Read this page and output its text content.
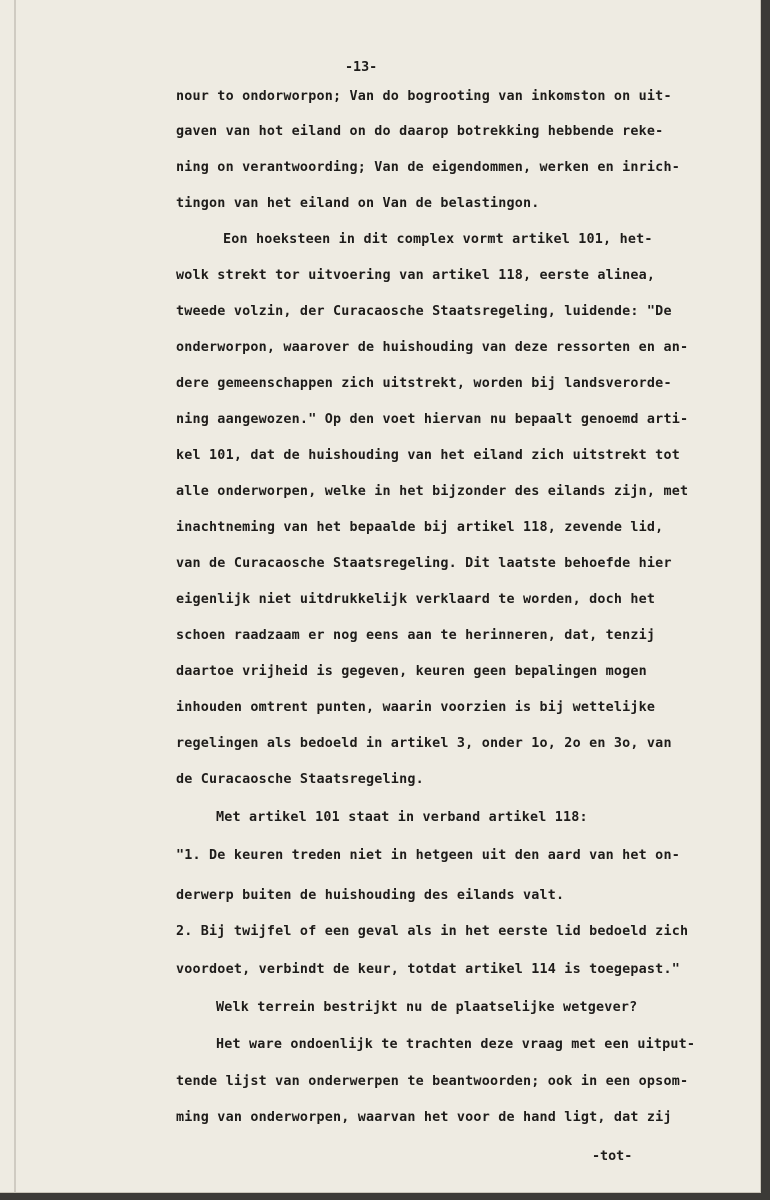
-13-
nour to ondorworpon; Van do bogrooting van inkomston on uit-
gaven van hot eiland on do daarop botrekking hebbende reke-
ning on verantwoording; Van de eigendommen, werken en inrich-
tingon van het eiland on Van de belastingon.
Eon hoeksteen in dit complex vormt artikel 101, het-
wolk strekt tor uitvoering van artikel 118, eerste alinea,
tweede volzin, der Curacaosche Staatsregeling, luidende: "De
onderworpon, waarover de huishouding van deze ressorten en an-
dere gemeenschappen zich uitstrekt, worden bij landsverorde-
ning aangewozen." Op den voet hiervan nu bepaalt genoemd arti-
kel 101, dat de huishouding van het eiland zich uitstrekt tot
alle onderworpen, welke in het bijzonder des eilands zijn, met
inachtneming van het bepaalde bij artikel 118, zevende lid,
van de Curacaosche Staatsregeling. Dit laatste behoefde hier
eigenlijk niet uitdrukkelijk verklaard te worden, doch het
schoen raadzaam er nog eens aan te herinneren, dat, tenzij
daartoe vrijheid is gegeven, keuren geen bepalingen mogen
inhouden omtrent punten, waarin voorzien is bij wettelijke
regelingen als bedoeld in artikel 3, onder 1o, 2o en 3o, van
de Curacaosche Staatsregeling.
Met artikel 101 staat in verband artikel 118:
"1. De keuren treden niet in hetgeen uit den aard van het on-
derwerp buiten de huishouding des eilands valt.
2. Bij twijfel of een geval als in het eerste lid bedoeld zich
voordoet, verbindt de keur, totdat artikel 114 is toegepast."
Welk terrein bestrijkt nu de plaatselijke wetgever?
Het ware ondoenlijk te trachten deze vraag met een uitput-
tende lijst van onderwerpen te beantwoorden; ook in een opsom-
ming van onderworpen, waarvan het voor de hand ligt, dat zij
-tot-
